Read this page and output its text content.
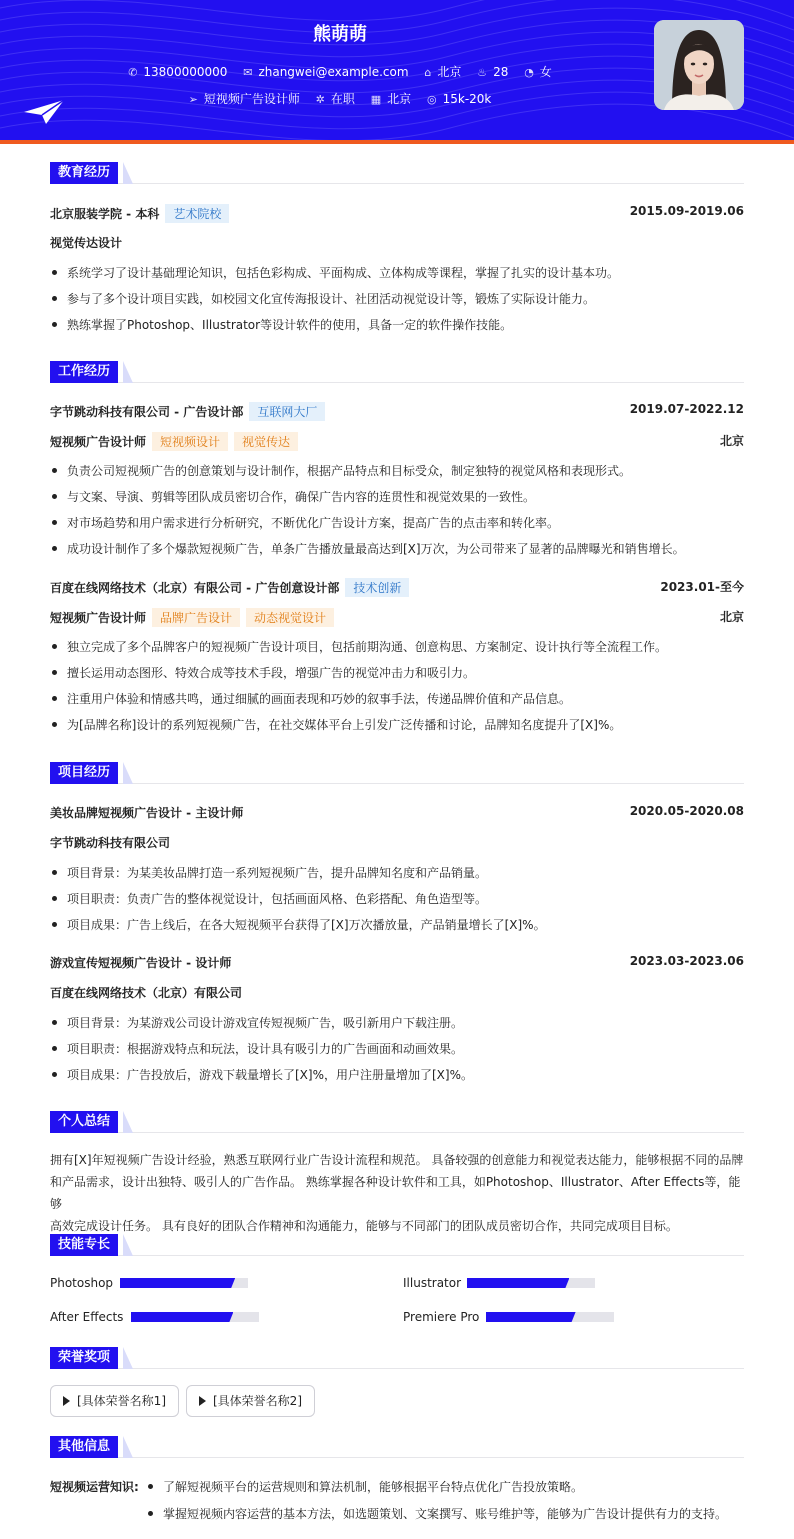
熊萌萌
✆ 13800000000 ✉ zhangwei@example.com ⌂ 北京 ♨ 28 ◔ 女
➢ 短视频广告设计师 ✲ 在职 ▦ 北京 ◎ 15k-20k
教育经历
北京服装学院 - 本科 艺术院校	2015.09-2019.06
视觉传达设计
系统学习了设计基础理论知识，包括色彩构成、平面构成、立体构成等课程，掌握了扎实的设计基本功。
参与了多个设计项目实践，如校园文化宣传海报设计、社团活动视觉设计等，锻炼了实际设计能力。
熟练掌握了Photoshop、Illustrator等设计软件的使用，具备一定的软件操作技能。
工作经历
字节跳动科技有限公司 - 广告设计部 互联网大厂	2019.07-2022.12
短视频广告设计师 短视频设计 视觉传达	北京
负责公司短视频广告的创意策划与设计制作，根据产品特点和目标受众，制定独特的视觉风格和表现形式。
与文案、导演、剪辑等团队成员密切合作，确保广告内容的连贯性和视觉效果的一致性。
对市场趋势和用户需求进行分析研究，不断优化广告设计方案，提高广告的点击率和转化率。
成功设计制作了多个爆款短视频广告，单条广告播放量最高达到[X]万次，为公司带来了显著的品牌曝光和销售增长。
百度在线网络技术（北京）有限公司 - 广告创意设计部 技术创新	2023.01-至今
短视频广告设计师 品牌广告设计 动态视觉设计	北京
独立完成了多个品牌客户的短视频广告设计项目，包括前期沟通、创意构思、方案制定、设计执行等全流程工作。
擅长运用动态图形、特效合成等技术手段，增强广告的视觉冲击力和吸引力。
注重用户体验和情感共鸣，通过细腻的画面表现和巧妙的叙事手法，传递品牌价值和产品信息。
为[品牌名称]设计的系列短视频广告，在社交媒体平台上引发广泛传播和讨论，品牌知名度提升了[X]%。
项目经历
美妆品牌短视频广告设计 - 主设计师	2020.05-2020.08
字节跳动科技有限公司
项目背景：为某美妆品牌打造一系列短视频广告，提升品牌知名度和产品销量。
项目职责：负责广告的整体视觉设计，包括画面风格、色彩搭配、角色造型等。
项目成果：广告上线后，在各大短视频平台获得了[X]万次播放量，产品销量增长了[X]%。
游戏宣传短视频广告设计 - 设计师	2023.03-2023.06
百度在线网络技术（北京）有限公司
项目背景：为某游戏公司设计游戏宣传短视频广告，吸引新用户下载注册。
项目职责：根据游戏特点和玩法，设计具有吸引力的广告画面和动画效果。
项目成果：广告投放后，游戏下载量增长了[X]%，用户注册量增加了[X]%。
个人总结
拥有[X]年短视频广告设计经验，熟悉互联网行业广告设计流程和规范。 具备较强的创意能力和视觉表达能力，能够根据不同的品牌
和产品需求，设计出独特、吸引人的广告作品。 熟练掌握各种设计软件和工具，如Photoshop、Illustrator、After Effects等，能够
高效完成设计任务。 具有良好的团队合作精神和沟通能力，能够与不同部门的团队成员密切合作，共同完成项目目标。
技能专长
Photoshop	Illustrator
After Effects	Premiere Pro
荣誉奖项
[具体荣誉名称1]	[具体荣誉名称2]
其他信息
短视频运营知识:	了解短视频平台的运营规则和算法机制，能够根据平台特点优化广告投放策略。
掌握短视频内容运营的基本方法，如选题策划、文案撰写、账号维护等，能够为广告设计提供有力的支持。
